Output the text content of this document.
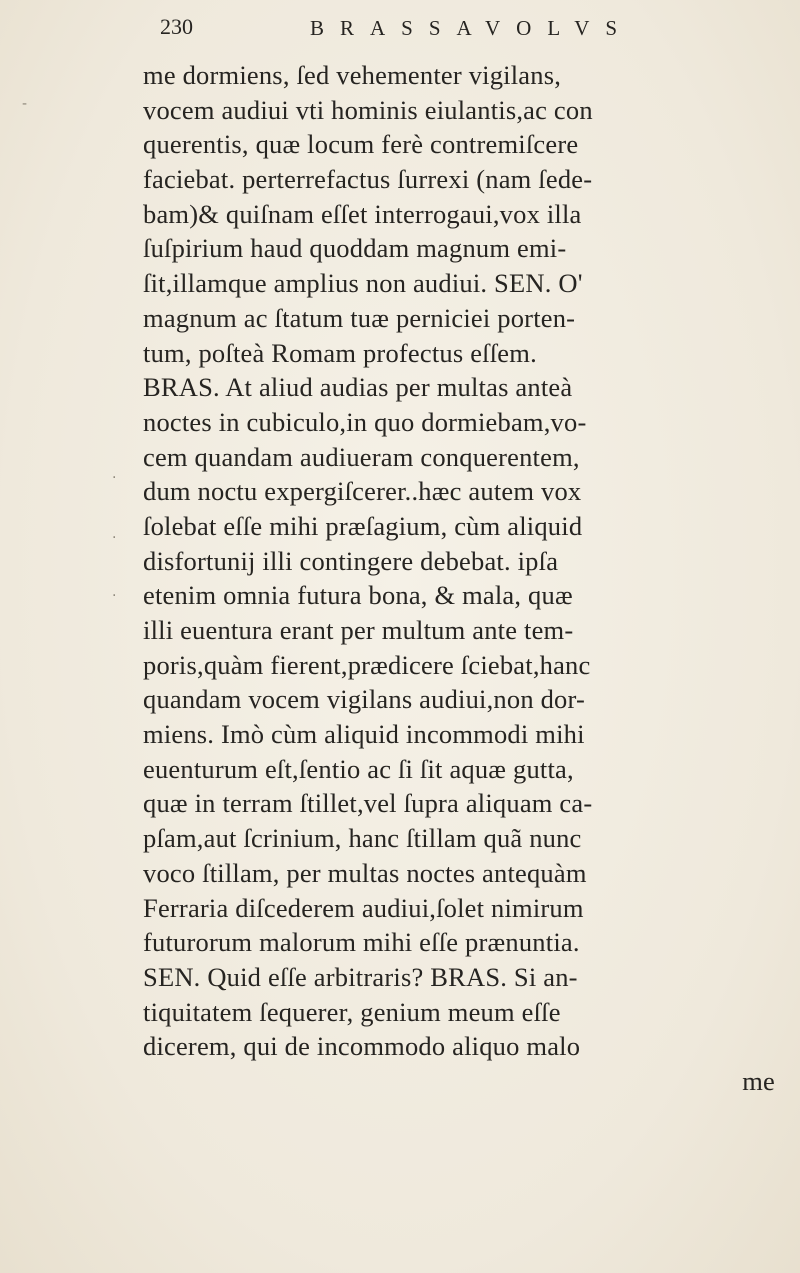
230	BRASSAVOLVS
-
·
·
·
me dormiens, ſed vehementer vigilans,
vocem audiui vti hominis eiulantis,ac con
querentis, quæ locum ferè contremiſcere
faciebat. perterrefactus ſurrexi (nam ſede-
bam)& quiſnam eſſet interrogaui,vox illa
ſuſpirium haud quoddam magnum emi-
ſit,illamque amplius non audiui. SEN. O'
magnum ac ſtatum tuæ perniciei porten-
tum, poſteà Romam profectus eſſem.
BRAS. At aliud audias per multas anteà
noctes in cubiculo,in quo dormiebam,vo-
cem quandam audiueram conquerentem,
dum noctu expergiſcerer..hæc autem vox
ſolebat eſſe mihi præſagium, cùm aliquid
disfortunij illi contingere debebat. ipſa
etenim omnia futura bona, & mala, quæ
illi euentura erant per multum ante tem-
poris,quàm fierent,prædicere ſciebat,hanc
quandam vocem vigilans audiui,non dor-
miens. Imò cùm aliquid incommodi mihi
euenturum eſt,ſentio ac ſi ſit aquæ gutta,
quæ in terram ſtillet,vel ſupra aliquam ca-
pſam,aut ſcrinium, hanc ſtillam quã nunc
voco ſtillam, per multas noctes antequàm
Ferraria diſcederem audiui,ſolet nimirum
futurorum malorum mihi eſſe prænuntia.
SEN. Quid eſſe arbitraris? BRAS. Si an-
tiquitatem ſequerer, genium meum eſſe
dicerem, qui de incommodo aliquo malo
me
